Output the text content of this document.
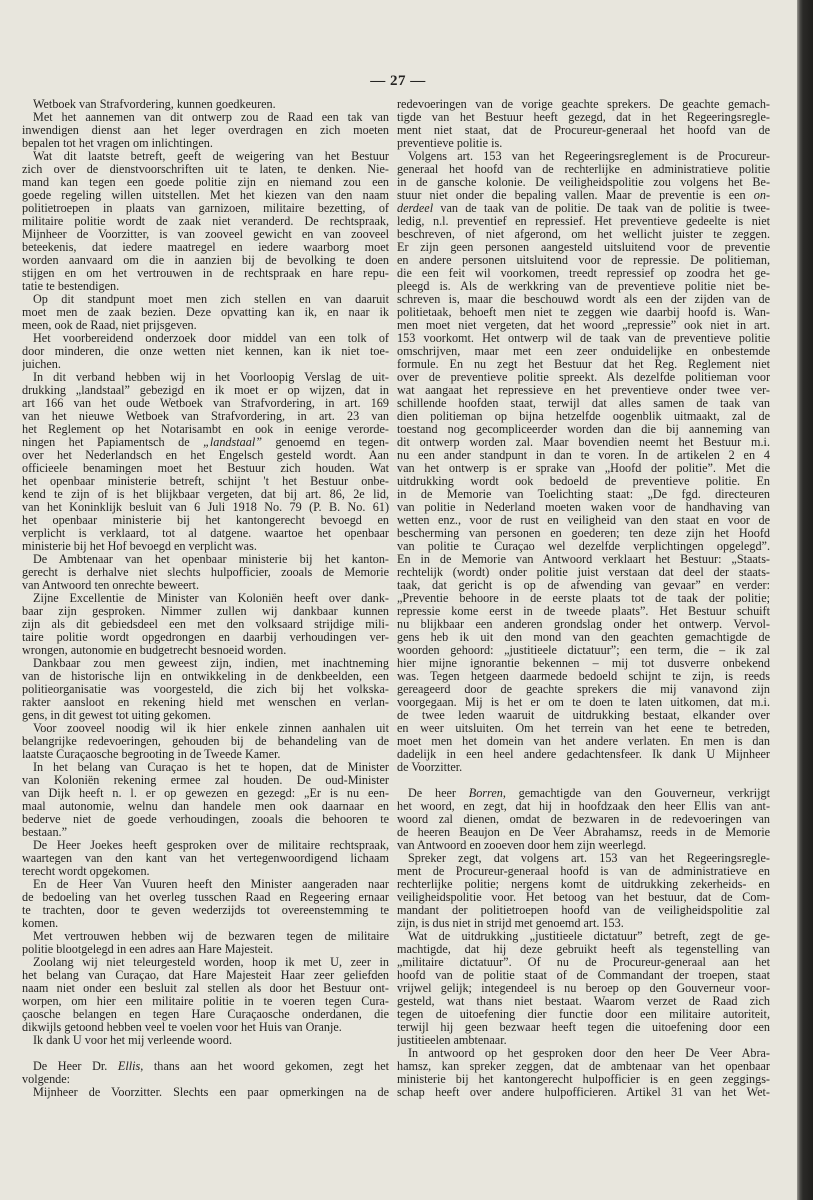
— 27 —
Wetboek van Strafvordering, kunnen goedkeuren.
Met het aannemen van dit ontwerp zou de Raad een tak van
inwendigen dienst aan het leger overdragen en zich moeten
bepalen tot het vragen om inlichtingen.
Wat dit laatste betreft, geeft de weigering van het Bestuur
zich over de dienstvoorschriften uit te laten, te denken. Nie-
mand kan tegen een goede politie zijn en niemand zou een
goede regeling willen uitstellen. Met het kiezen van den naam
politietroepen in plaats van garnizoen, militaire bezetting, of
militaire politie wordt de zaak niet veranderd. De rechtspraak,
Mijnheer de Voorzitter, is van zooveel gewicht en van zooveel
beteekenis, dat iedere maatregel en iedere waarborg moet
worden aanvaard om die in aanzien bij de bevolking te doen
stijgen en om het vertrouwen in de rechtspraak en hare repu-
tatie te bestendigen.
Op dit standpunt moet men zich stellen en van daaruit
moet men de zaak bezien. Deze opvatting kan ik, en naar ik
meen, ook de Raad, niet prijsgeven.
Het voorbereidend onderzoek door middel van een tolk of
door minderen, die onze wetten niet kennen, kan ik niet toe-
juichen.
In dit verband hebben wij in het Voorloopig Verslag de uit-
drukking „landstaal” gebezigd en ik moet er op wijzen, dat in
art 166 van het oude Wetboek van Strafvordering, in art. 169
van het nieuwe Wetboek van Strafvordering, in art. 23 van
het Reglement op het Notarisambt en ook in eenige verorde-
ningen het Papiamentsch de „landstaal” genoemd en tegen-
over het Nederlandsch en het Engelsch gesteld wordt. Aan
officieele benamingen moet het Bestuur zich houden. Wat
het openbaar ministerie betreft, schijnt 't het Bestuur onbe-
kend te zijn of is het blijkbaar vergeten, dat bij art. 86, 2e lid,
van het Koninklijk besluit van 6 Juli 1918 No. 79 (P. B. No. 61)
het openbaar ministerie bij het kantongerecht bevoegd en
verplicht is verklaard, tot al datgene. waartoe het openbaar
ministerie bij het Hof bevoegd en verplicht was.
De Ambtenaar van het openbaar ministerie bij het kanton-
gerecht is derhalve niet slechts hulpofficier, zooals de Memorie
van Antwoord ten onrechte beweert.
Zijne Excellentie de Minister van Koloniën heeft over dank-
baar zijn gesproken. Nimmer zullen wij dankbaar kunnen
zijn als dit gebiedsdeel een met den volksaard strijdige mili-
taire politie wordt opgedrongen en daarbij verhoudingen ver-
wrongen, autonomie en budgetrecht besnoeid worden.
Dankbaar zou men geweest zijn, indien, met inachtneming
van de historische lijn en ontwikkeling in de denkbeelden, een
politieorganisatie was voorgesteld, die zich bij het volkska-
rakter aansloot en rekening hield met wenschen en verlan-
gens, in dit gewest tot uiting gekomen.
Voor zooveel noodig wil ik hier enkele zinnen aanhalen uit
belangrijke redevoeringen, gehouden bij de behandeling van de
laatste Curaçaosche begrooting in de Tweede Kamer.
In het belang van Curaçao is het te hopen, dat de Minister
van Koloniën rekening ermee zal houden. De oud-Minister
van Dijk heeft n. l. er op gewezen en gezegd: „Er is nu een-
maal autonomie, welnu dan handele men ook daarnaar en
bederve niet de goede verhoudingen, zooals die behooren te
bestaan.”
De Heer Joekes heeft gesproken over de militaire rechtspraak,
waartegen van den kant van het vertegenwoordigend lichaam
terecht wordt opgekomen.
En de Heer Van Vuuren heeft den Minister aangeraden naar
de bedoeling van het overleg tusschen Raad en Regeering ernaar
te trachten, door te geven wederzijds tot overeenstemming te
komen.
Met vertrouwen hebben wij de bezwaren tegen de militaire
politie blootgelegd in een adres aan Hare Majesteit.
Zoolang wij niet teleurgesteld worden, hoop ik met U, zeer in
het belang van Curaçao, dat Hare Majesteit Haar zeer geliefden
naam niet onder een besluit zal stellen als door het Bestuur ont-
worpen, om hier een militaire politie in te voeren tegen Cura-
çaosche belangen en tegen Hare Curaçaosche onderdanen, die
dikwijls getoond hebben veel te voelen voor het Huis van Oranje.
Ik dank U voor het mij verleende woord.
De Heer Dr. Ellis, thans aan het woord gekomen, zegt het
volgende:
Mijnheer de Voorzitter. Slechts een paar opmerkingen na de
redevoeringen van de vorige geachte sprekers. De geachte gemach-
tigde van het Bestuur heeft gezegd, dat in het Regeeringsregle-
ment niet staat, dat de Procureur-generaal het hoofd van de
preventieve politie is.
Volgens art. 153 van het Regeeringsreglement is de Procureur-
generaal het hoofd van de rechterlijke en administratieve politie
in de gansche kolonie. De veiligheidspolitie zou volgens het Be-
stuur niet onder die bepaling vallen. Maar de preventie is een on-
derdeel van de taak van de politie. De taak van de politie is twee-
ledig, n.l. preventief en repressief. Het preventieve gedeelte is niet
beschreven, of niet afgerond, om het wellicht juister te zeggen.
Er zijn geen personen aangesteld uitsluitend voor de preventie
en andere personen uitsluitend voor de repressie. De politieman,
die een feit wil voorkomen, treedt repressief op zoodra het ge-
pleegd is. Als de werkkring van de preventieve politie niet be-
schreven is, maar die beschouwd wordt als een der zijden van de
politietaak, behoeft men niet te zeggen wie daarbij hoofd is. Wan-
men moet niet vergeten, dat het woord „repressie” ook niet in art.
153 voorkomt. Het ontwerp wil de taak van de preventieve politie
omschrijven, maar met een zeer onduidelijke en onbestemde
formule. En nu zegt het Bestuur dat het Reg. Reglement niet
over de preventieve politie spreekt. Als dezelfde politieman voor
wat aangaat het repressieve en het preventieve onder twee ver-
schillende hoofden staat, terwijl dat alles samen de taak van
dien politieman op bijna hetzelfde oogenblik uitmaakt, zal de
toestand nog gecompliceerder worden dan die bij aanneming van
dit ontwerp worden zal. Maar bovendien neemt het Bestuur m.i.
nu een ander standpunt in dan te voren. In de artikelen 2 en 4
van het ontwerp is er sprake van „Hoofd der politie”. Met die
uitdrukking wordt ook bedoeld de preventieve politie. En
in de Memorie van Toelichting staat: „De fgd. directeuren
van politie in Nederland moeten waken voor de handhaving van
wetten enz., voor de rust en veiligheid van den staat en voor de
bescherming van personen en goederen; ten deze zijn het Hoofd
van politie te Curaçao wel dezelfde verplichtingen opgelegd”.
En in de Memorie van Antwoord verklaart het Bestuur: „Staats-
rechtelijk (wordt) onder politie juist verstaan dat deel der staats-
taak, dat gericht is op de afwending van gevaar” en verder:
„Preventie behoore in de eerste plaats tot de taak der politie;
repressie kome eerst in de tweede plaats”. Het Bestuur schuift
nu blijkbaar een anderen grondslag onder het ontwerp. Vervol-
gens heb ik uit den mond van den geachten gemachtigde de
woorden gehoord: „justitieele dictatuur”; een term, die – ik zal
hier mijne ignorantie bekennen – mij tot dusverre onbekend
was. Tegen hetgeen daarmede bedoeld schijnt te zijn, is reeds
gereageerd door de geachte sprekers die mij vanavond zijn
voorgegaan. Mij is het er om te doen te laten uitkomen, dat m.i.
de twee leden waaruit de uitdrukking bestaat, elkander over
en weer uitsluiten. Om het terrein van het eene te betreden,
moet men het domein van het andere verlaten. En men is dan
dadelijk in een heel andere gedachtensfeer. Ik dank U Mijnheer
de Voorzitter.
De heer Borren, gemachtigde van den Gouverneur, verkrijgt
het woord, en zegt, dat hij in hoofdzaak den heer Ellis van ant-
woord zal dienen, omdat de bezwaren in de redevoeringen van
de heeren Beaujon en De Veer Abrahamsz, reeds in de Memorie
van Antwoord en zooeven door hem zijn weerlegd.
Spreker zegt, dat volgens art. 153 van het Regeeringsregle-
ment de Procureur-generaal hoofd is van de administratieve en
rechterlijke politie; nergens komt de uitdrukking zekerheids- en
veiligheidspolitie voor. Het betoog van het bestuur, dat de Com-
mandant der politietroepen hoofd van de veiligheidspolitie zal
zijn, is dus niet in strijd met genoemd art. 153.
Wat de uitdrukking „justitieele dictatuur” betreft, zegt de ge-
machtigde, dat hij deze gebruikt heeft als tegenstelling van
„militaire dictatuur”. Of nu de Procureur-generaal aan het
hoofd van de politie staat of de Commandant der troepen, staat
vrijwel gelijk; integendeel is nu beroep op den Gouverneur voor-
gesteld, wat thans niet bestaat. Waarom verzet de Raad zich
tegen de uitoefening dier functie door een militaire autoriteit,
terwijl hij geen bezwaar heeft tegen die uitoefening door een
justitieelen ambtenaar.
In antwoord op het gesproken door den heer De Veer Abra-
hamsz, kan spreker zeggen, dat de ambtenaar van het openbaar
ministerie bij het kantongerecht hulpofficier is en geen zeggings-
schap heeft over andere hulpofficieren. Artikel 31 van het Wet-
